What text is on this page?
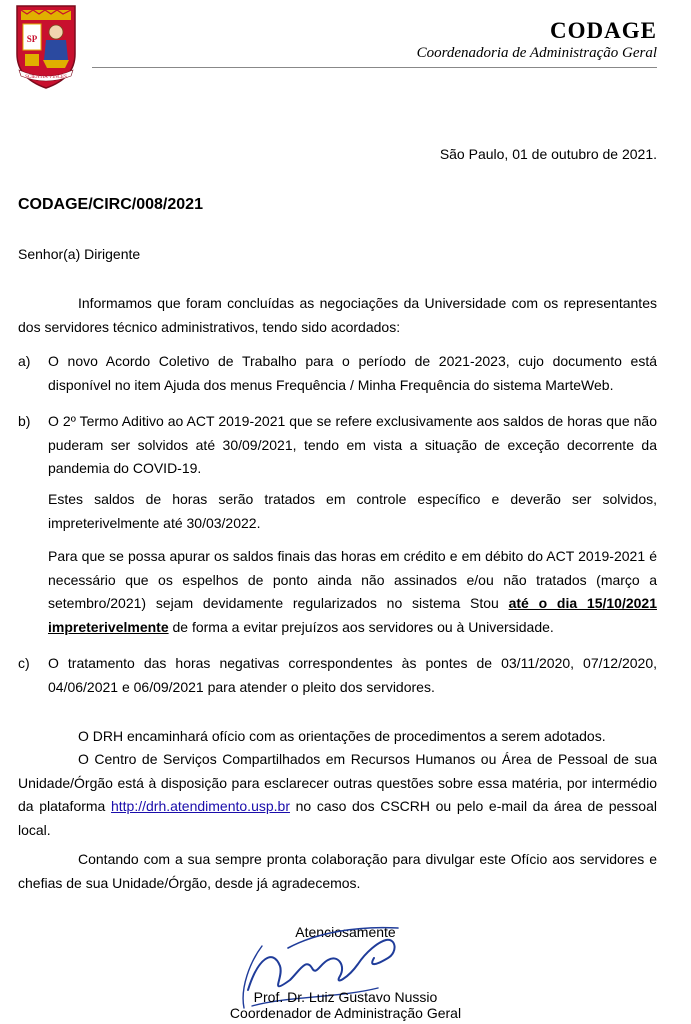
SP
SCIENTIA VINCES
CODAGE
Coordenadoria de Administração Geral
São Paulo, 01 de outubro de 2021.
CODAGE/CIRC/008/2021
Senhor(a) Dirigente
Informamos que foram concluídas as negociações da Universidade com os representantes dos servidores técnico administrativos, tendo sido acordados:
a) O novo Acordo Coletivo de Trabalho para o período de 2021-2023, cujo documento está disponível no item Ajuda dos menus Frequência / Minha Frequência do sistema MarteWeb.
b) O 2º Termo Aditivo ao ACT 2019-2021 que se refere exclusivamente aos saldos de horas que não puderam ser solvidos até 30/09/2021, tendo em vista a situação de exceção decorrente da pandemia do COVID-19.
Estes saldos de horas serão tratados em controle específico e deverão ser solvidos, impreterivelmente até 30/03/2022.
Para que se possa apurar os saldos finais das horas em crédito e em débito do ACT 2019-2021 é necessário que os espelhos de ponto ainda não assinados e/ou não tratados (março a setembro/2021) sejam devidamente regularizados no sistema Stou até o dia 15/10/2021 impreterivelmente de forma a evitar prejuízos aos servidores ou à Universidade.
c) O tratamento das horas negativas correspondentes às pontes de 03/11/2020, 07/12/2020, 04/06/2021 e 06/09/2021 para atender o pleito dos servidores.
O DRH encaminhará ofício com as orientações de procedimentos a serem adotados.
O Centro de Serviços Compartilhados em Recursos Humanos ou Área de Pessoal de sua Unidade/Órgão está à disposição para esclarecer outras questões sobre essa matéria, por intermédio da plataforma http://drh.atendimento.usp.br no caso dos CSCRH ou pelo e-mail da área de pessoal local.
Contando com a sua sempre pronta colaboração para divulgar este Ofício aos servidores e chefias de sua Unidade/Órgão, desde já agradecemos.
Atenciosamente
Prof. Dr. Luiz Gustavo Nussio
Coordenador de Administração Geral
